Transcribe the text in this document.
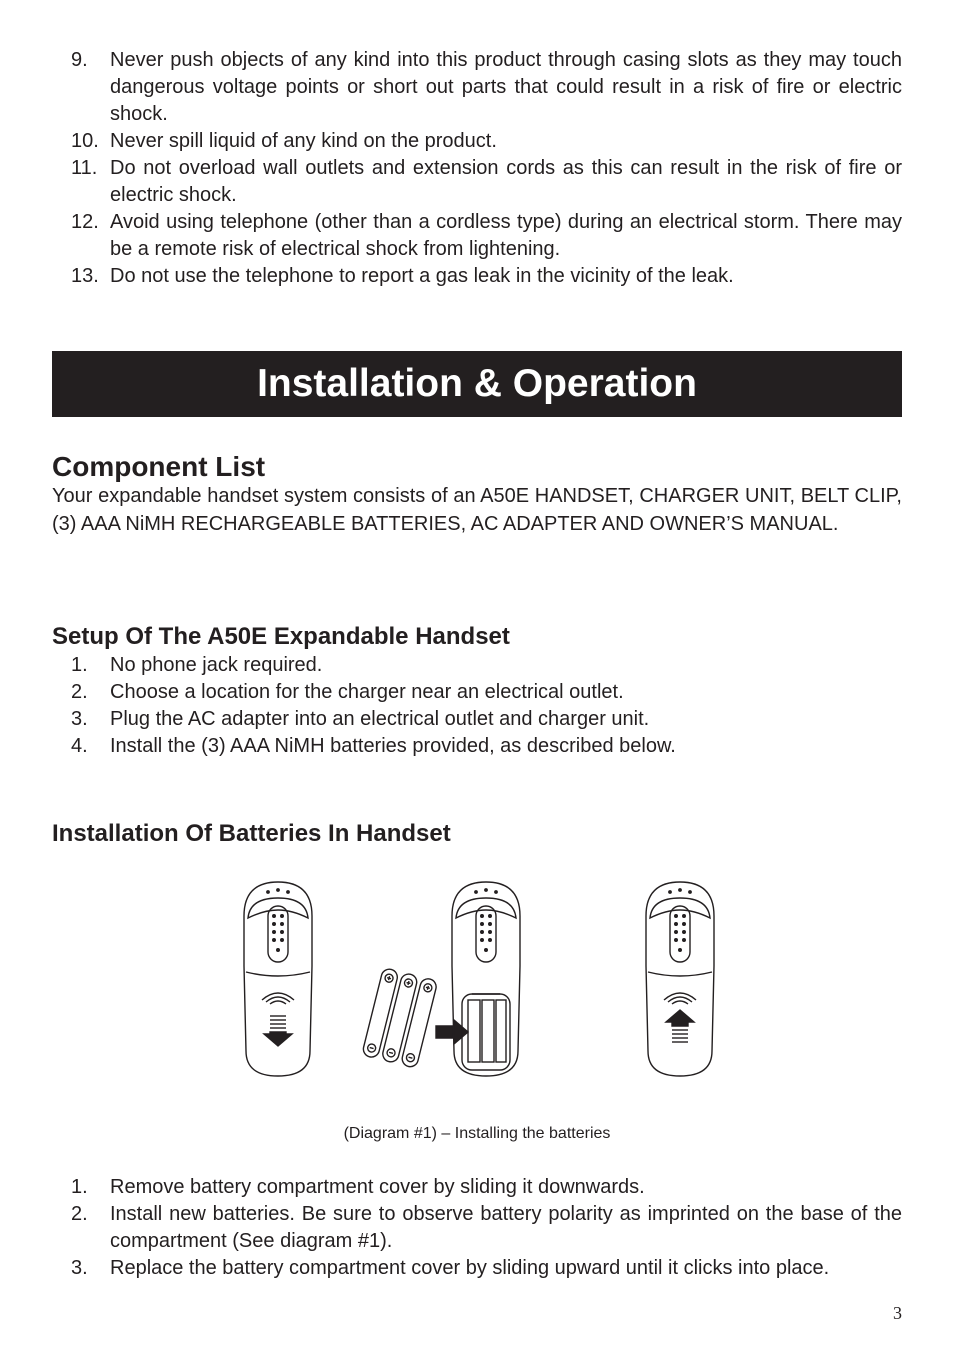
9. Never push objects of any kind into this product through casing slots as they may touch dangerous voltage points or short out parts that could result in a risk of fire or electric shock.
10. Never spill liquid of any kind on the product.
11. Do not overload wall outlets and extension cords as this can result in the risk of fire or electric shock.
12. Avoid using telephone (other than a cordless type) during an electrical storm. There may be a remote risk of electrical shock from lightening.
13. Do not use the telephone to report a gas leak in the vicinity of the leak.
Installation & Operation
Component List

Your expandable handset system consists of an A50E HANDSET, CHARGER UNIT, BELT CLIP, (3) AAA NiMH RECHARGEABLE BATTERIES, AC ADAPTER AND OWNER’S MANUAL.

Setup Of The A50E Expandable Handset
1. No phone jack required.
2. Choose a location for the charger near an electrical outlet.
3. Plug the AC adapter into an electrical outlet and charger unit.
4. Install the (3) AAA NiMH batteries provided, as described below.
Installation Of Batteries In Handset
(Diagram #1) – Installing the batteries
1. Remove battery compartment cover by sliding it downwards.
2. Install new batteries. Be sure to observe battery polarity as imprinted on the base of the compartment (See diagram #1).
3. Replace the battery compartment cover by sliding upward until it clicks into place.
3
